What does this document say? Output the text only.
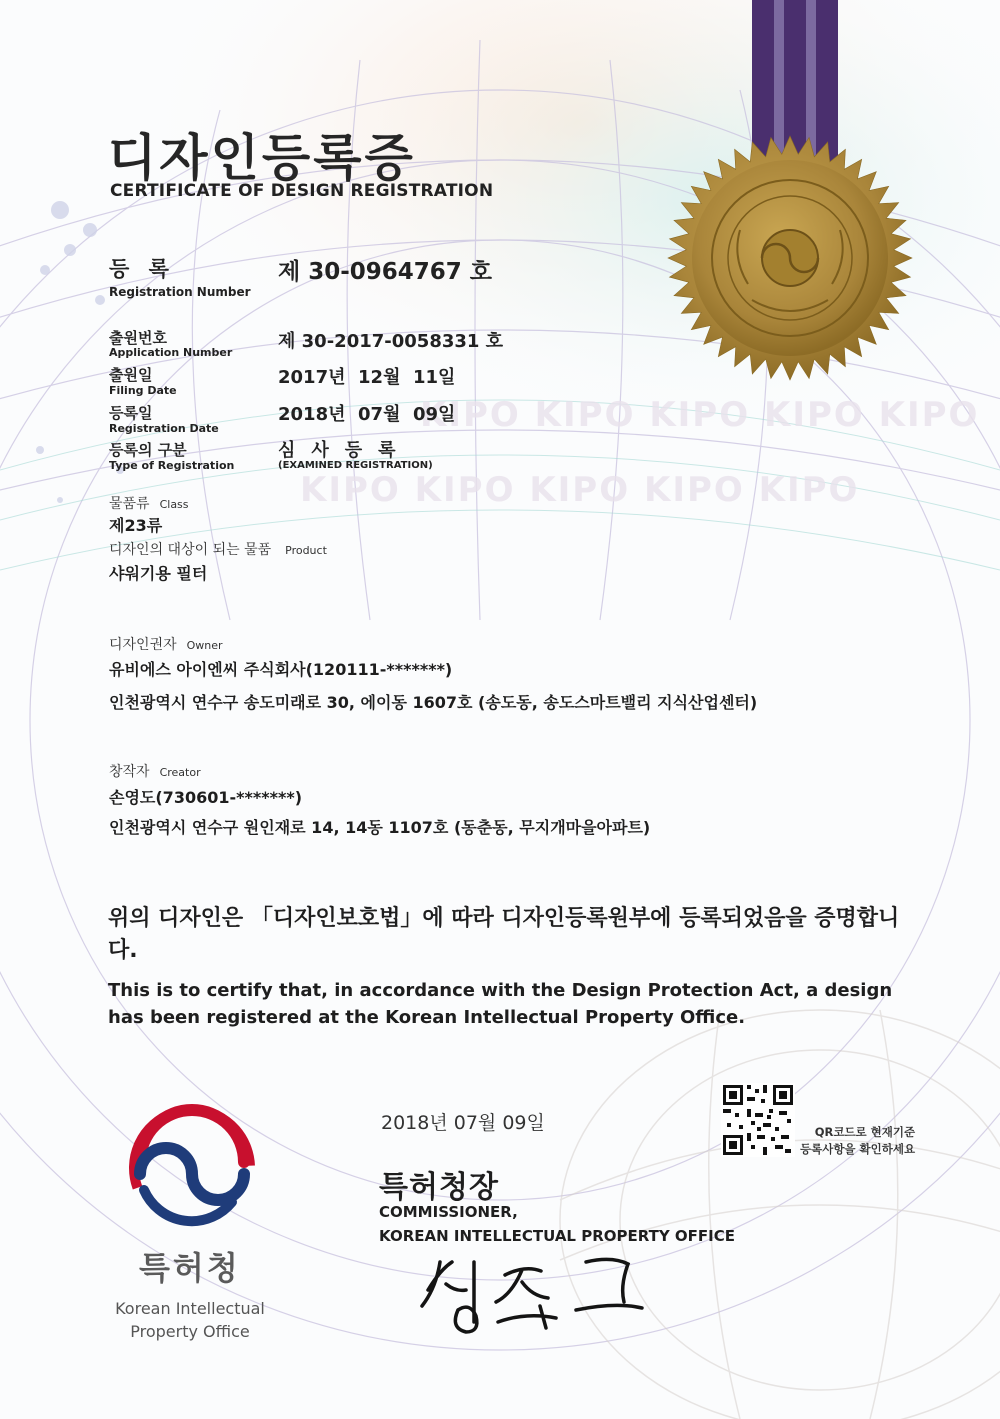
KIPO KIPO KIPO KIPO KIPO
KIPO KIPO KIPO KIPO KIPO
디자인등록증
CERTIFICATE OF DESIGN REGISTRATION
등 록
Registration Number
제 30-0964767 호
출원번호
Application Number
제 30-2017-0058331 호
출원일
Filing Date
2017년  12월  11일
등록일
Registration Date
2018년  07월  09일
등록의 구분
Type of Registration
심사등록
(EXAMINED REGISTRATION)
물품류 Class
제23류
디자인의 대상이 되는 물품 Product
샤워기용 필터
디자인권자 Owner
유비에스 아이엔씨 주식회사(120111-*******)
인천광역시 연수구 송도미래로 30, 에이동 1607호 (송도동, 송도스마트밸리 지식산업센터)
창작자 Creator
손영도(730601-*******)
인천광역시 연수구 원인재로 14, 14동 1107호 (동춘동, 무지개마을아파트)
위의 디자인은 「디자인보호법」에 따라 디자인등록원부에 등록되었음을 증명합니다.
This is to certify that, in accordance with the Design Protection Act, a design has been registered at the Korean Intellectual Property Office.
2018년 07월 09일
특허청장
COMMISSIONER,
KOREAN INTELLECTUAL PROPERTY OFFICE
QR코드로 현재기준
등록사항을 확인하세요
특허청
Korean Intellectual Property Office
